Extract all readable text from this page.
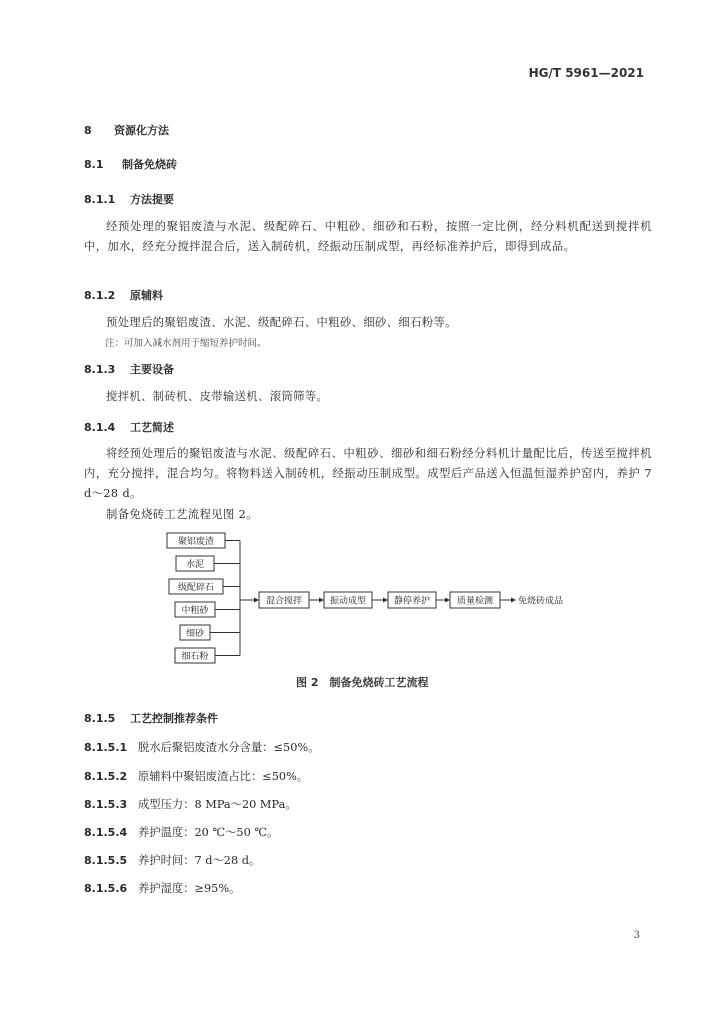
HG/T 5961—2021
8 资源化方法
8.1 制备免烧砖
8.1.1 方法提要
经预处理的聚铝废渣与水泥、级配碎石、中粗砂、细砂和石粉，按照一定比例，经分料机配送到搅拌机中，加水，经充分搅拌混合后，送入制砖机，经振动压制成型，再经标准养护后，即得到成品。
8.1.2 原辅料
预处理后的聚铝废渣、水泥、级配碎石、中粗砂、细砂、细石粉等。
注：可加入减水剂用于缩短养护时间。
8.1.3 主要设备
搅拌机、制砖机、皮带输送机、滚筒筛等。
8.1.4 工艺简述
将经预处理后的聚铝废渣与水泥、级配碎石、中粗砂、细砂和细石粉经分料机计量配比后，传送至搅拌机内，充分搅拌，混合均匀。将物料送入制砖机，经振动压制成型。成型后产品送入恒温恒湿养护窑内，养护 7 d～28 d。
制备免烧砖工艺流程见图 2。
聚铝废渣
水泥
级配碎石
中粗砂
细砂
细石粉
混合搅拌	振动成型	静停养护	质量检测	免烧砖成品
图 2　制备免烧砖工艺流程
8.1.5 工艺控制推荐条件
8.1.5.1 脱水后聚铝废渣水分含量：≤50%。
8.1.5.2 原辅料中聚铝废渣占比：≤50%。
8.1.5.3 成型压力：8 MPa～20 MPa。
8.1.5.4 养护温度：20 ℃～50 ℃。
8.1.5.5 养护时间：7 d～28 d。
8.1.5.6 养护湿度：≥95%。
3
